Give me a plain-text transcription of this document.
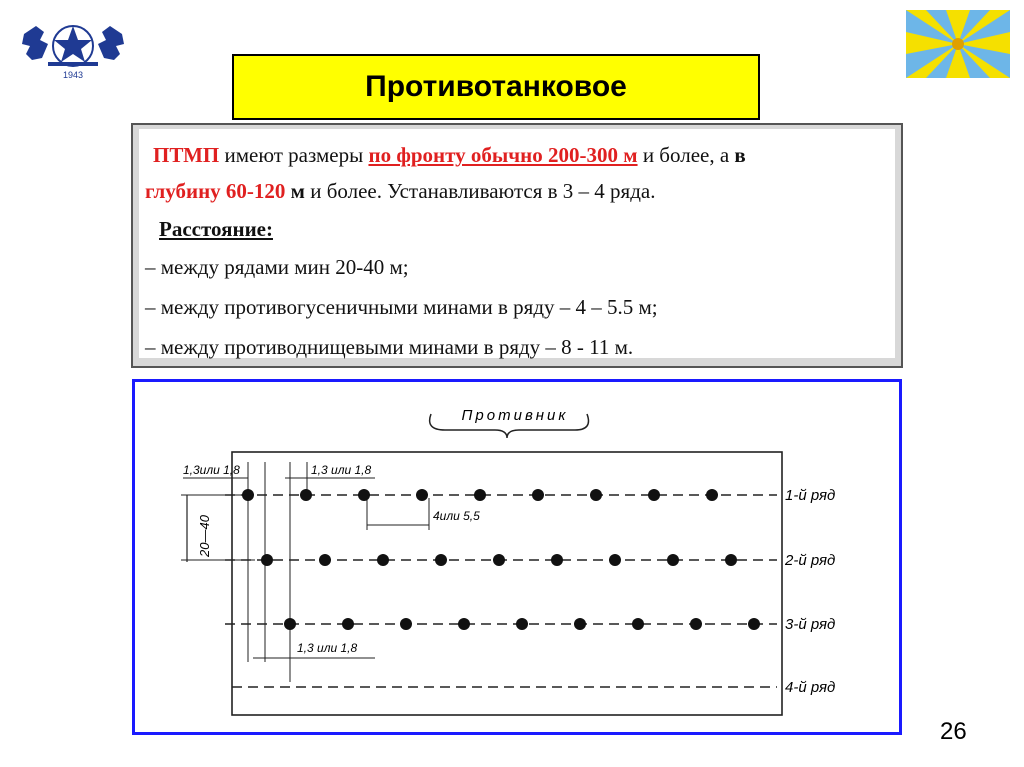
1943	Противотанковое
ПТМП имеют размеры по фронту обычно 200-300 м и более, а в
глубину 60-120 м и более. Устанавливаются в 3 – 4 ряда.
Расстояние:
– между рядами мин 20-40 м;
– между противогусеничными минами в ряду – 4 – 5.5 м;
– между противоднищевыми минами в ряду – 8 - 11 м.
Противник
20—40
1,3или 1,8	1,3 или 1,8
4или 5,5
1,3 или 1,8
1-й ряд
2-й ряд
3-й ряд
4-й ряд
26
